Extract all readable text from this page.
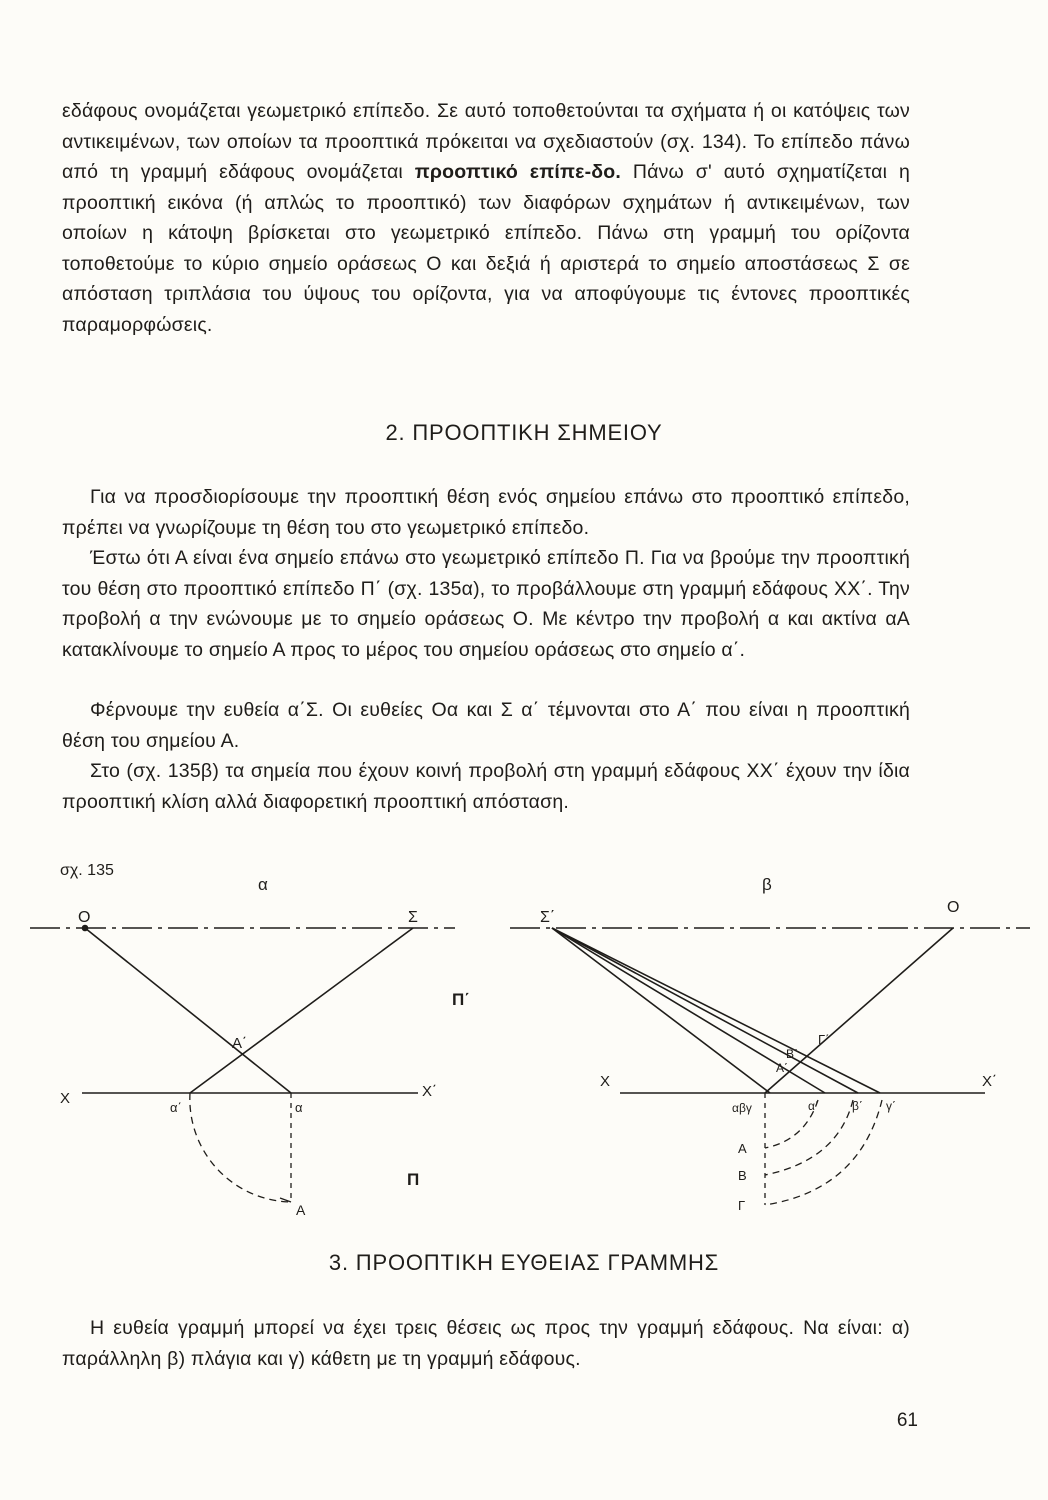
εδάφους ονομάζεται γεωμετρικό επίπεδο. Σε αυτό τοποθετούνται τα σχήματα ή οι κατόψεις των αντικειμένων, των οποίων τα προοπτικά πρόκειται να σχεδιαστούν (σχ. 134). Το επίπεδο πάνω από τη γραμμή εδάφους ονομάζεται προοπτικό επίπε-δο. Πάνω σ' αυτό σχηματίζεται η προοπτική εικόνα (ή απλώς το προοπτικό) των διαφόρων σχημάτων ή αντικειμένων, των οποίων η κάτοψη βρίσκεται στο γεωμετρικό επίπεδο. Πάνω στη γραμμή του ορίζοντα τοποθετούμε το κύριο σημείο οράσεως Ο και δεξιά ή αριστερά το σημείο αποστάσεως Σ σε απόσταση τριπλάσια του ύψους του ορίζοντα, για να αποφύγουμε τις έντονες προοπτικές παραμορφώσεις.

2. ΠΡΟΟΠΤΙΚΗ ΣΗΜΕΙΟΥ

Για να προσδιορίσουμε την προοπτική θέση ενός σημείου επάνω στο προοπτικό επίπεδο, πρέπει να γνωρίζουμε τη θέση του στο γεωμετρικό επίπεδο.

Έστω ότι Α είναι ένα σημείο επάνω στο γεωμετρικό επίπεδο Π. Για να βρούμε την προοπτική του θέση στο προοπτικό επίπεδο Π΄ (σχ. 135α), το προβάλλουμε στη γραμμή εδάφους ΧΧ΄. Την προβολή α την ενώνουμε με το σημείο οράσεως Ο. Με κέντρο την προβολή α και ακτίνα αΑ κατακλίνουμε το σημείο Α προς το μέρος του σημείου οράσεως στο σημείο α΄.

Φέρνουμε την ευθεία α΄Σ. Οι ευθείες Οα και Σ α΄ τέμνονται στο Α΄ που είναι η προοπτική θέση του σημείου Α.

Στο (σχ. 135β) τα σημεία που έχουν κοινή προβολή στη γραμμή εδάφους ΧΧ΄ έχουν την ίδια προοπτική κλίση αλλά διαφορετική προοπτική απόσταση.

σχ. 135
α
Ο	Σ
Α΄
Π΄
Χ	Χ΄
α΄	α
Α
Π
β
Σ΄
Ο
Γ΄
Β΄
Α΄
Χ	Χ΄
αβγ	α΄	β΄ γ΄
Α
Β
Γ
3. ΠΡΟΟΠΤΙΚΗ ΕΥΘΕΙΑΣ ΓΡΑΜΜΗΣ

Η ευθεία γραμμή μπορεί να έχει τρεις θέσεις ως προς την γραμμή εδάφους. Να είναι: α) παράλληλη β) πλάγια και γ) κάθετη με τη γραμμή εδάφους.

61
